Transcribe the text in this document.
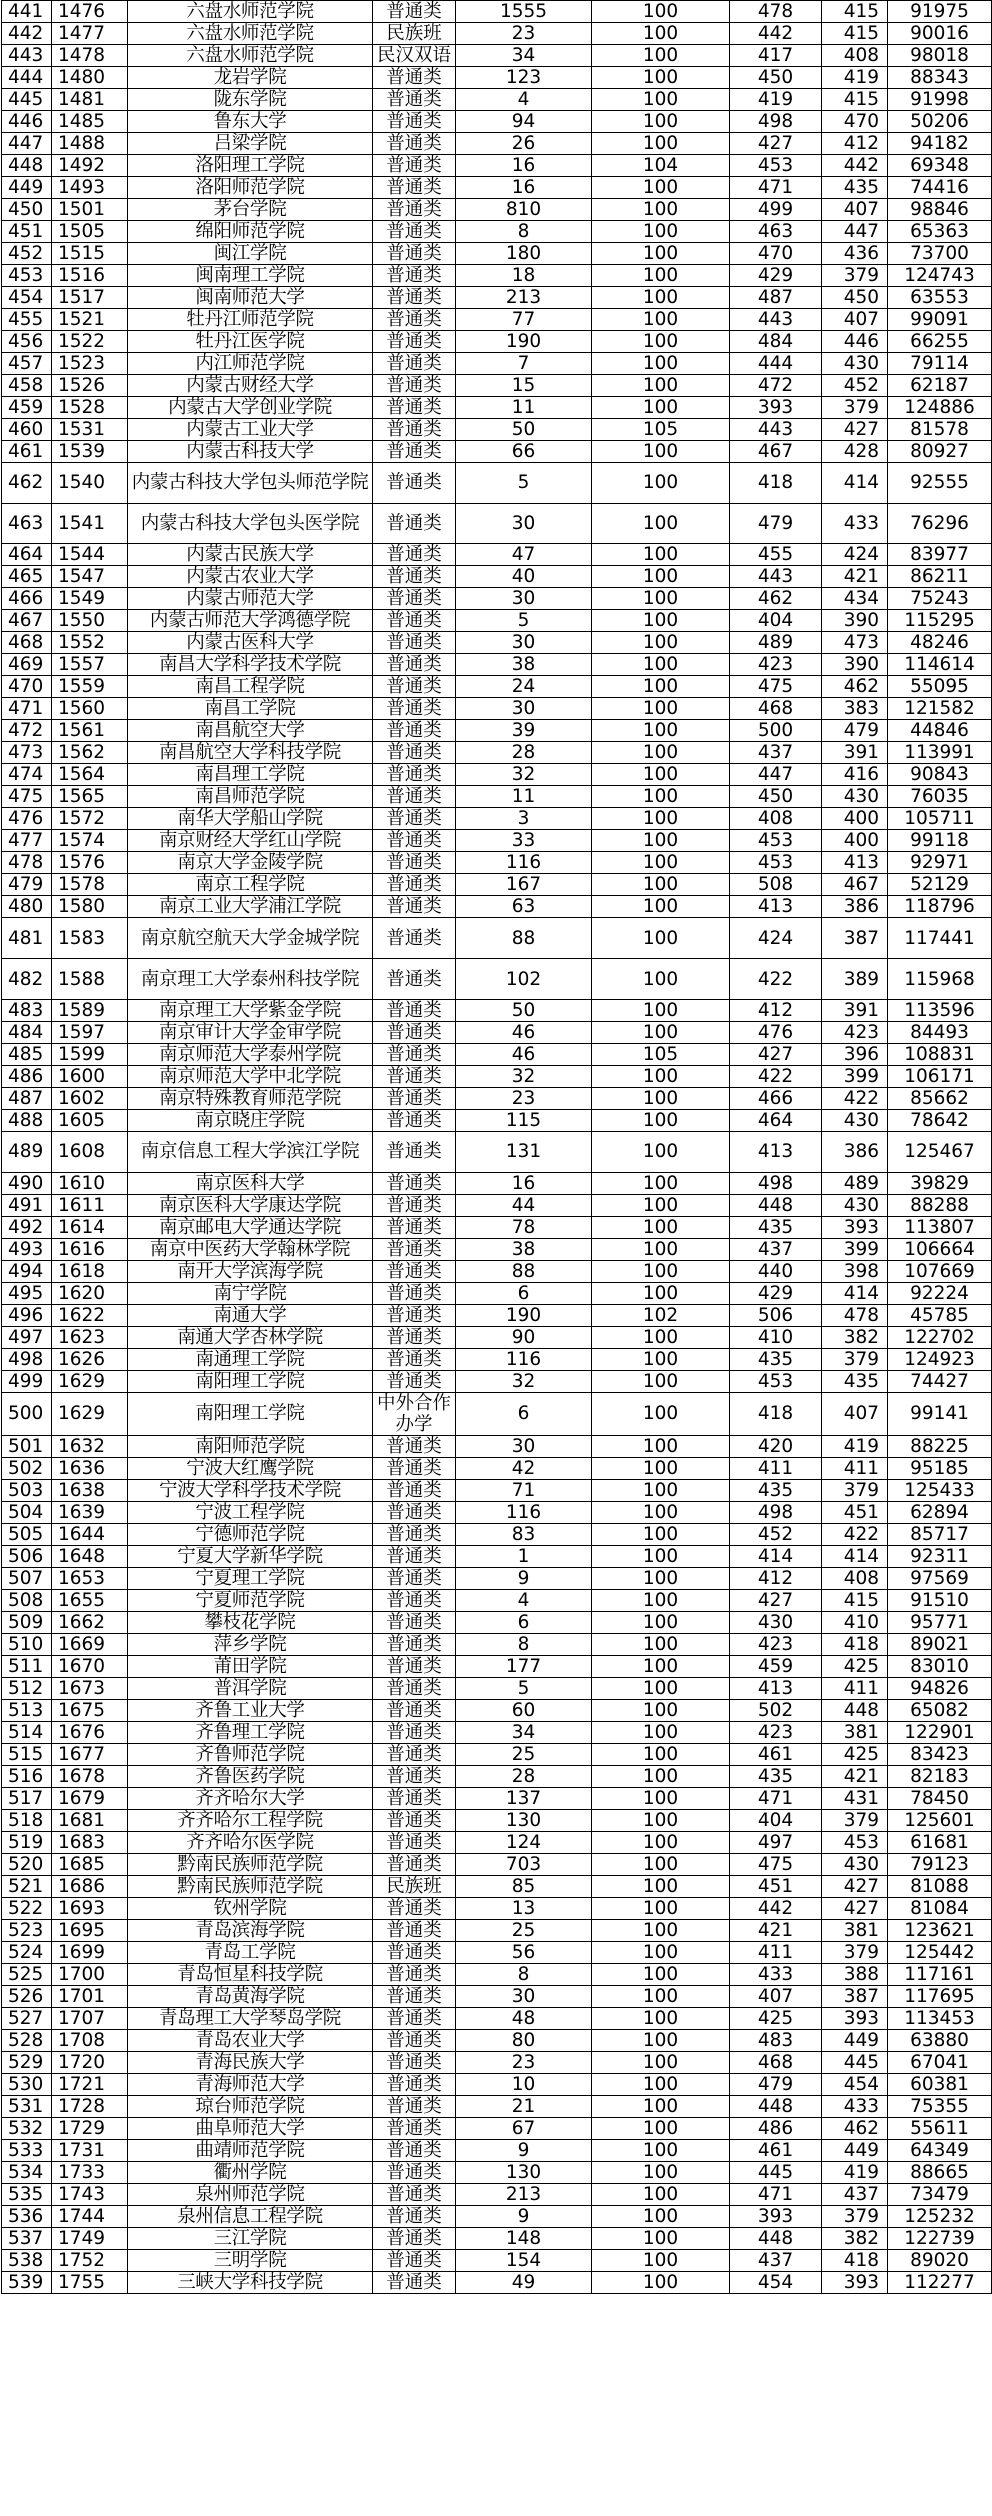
441	1476	六盘水师范学院	普通类	1555	100	478	415	91975
442	1477	六盘水师范学院	民族班	23	100	442	415	90016
443	1478	六盘水师范学院	民汉双语	34	100	417	408	98018
444	1480	龙岩学院	普通类	123	100	450	419	88343
445	1481	陇东学院	普通类	4	100	419	415	91998
446	1485	鲁东大学	普通类	94	100	498	470	50206
447	1488	吕梁学院	普通类	26	100	427	412	94182
448	1492	洛阳理工学院	普通类	16	104	453	442	69348
449	1493	洛阳师范学院	普通类	16	100	471	435	74416
450	1501	茅台学院	普通类	810	100	499	407	98846
451	1505	绵阳师范学院	普通类	8	100	463	447	65363
452	1515	闽江学院	普通类	180	100	470	436	73700
453	1516	闽南理工学院	普通类	18	100	429	379	124743
454	1517	闽南师范大学	普通类	213	100	487	450	63553
455	1521	牡丹江师范学院	普通类	77	100	443	407	99091
456	1522	牡丹江医学院	普通类	190	100	484	446	66255
457	1523	内江师范学院	普通类	7	100	444	430	79114
458	1526	内蒙古财经大学	普通类	15	100	472	452	62187
459	1528	内蒙古大学创业学院	普通类	11	100	393	379	124886
460	1531	内蒙古工业大学	普通类	50	105	443	427	81578
461	1539	内蒙古科技大学	普通类	66	100	467	428	80927
462	1540	内蒙古科技大学包头师范学院	普通类	5	100	418	414	92555
463	1541	内蒙古科技大学包头医学院	普通类	30	100	479	433	76296
464	1544	内蒙古民族大学	普通类	47	100	455	424	83977
465	1547	内蒙古农业大学	普通类	40	100	443	421	86211
466	1549	内蒙古师范大学	普通类	30	100	462	434	75243
467	1550	内蒙古师范大学鸿德学院	普通类	5	100	404	390	115295
468	1552	内蒙古医科大学	普通类	30	100	489	473	48246
469	1557	南昌大学科学技术学院	普通类	38	100	423	390	114614
470	1559	南昌工程学院	普通类	24	100	475	462	55095
471	1560	南昌工学院	普通类	30	100	468	383	121582
472	1561	南昌航空大学	普通类	39	100	500	479	44846
473	1562	南昌航空大学科技学院	普通类	28	100	437	391	113991
474	1564	南昌理工学院	普通类	32	100	447	416	90843
475	1565	南昌师范学院	普通类	11	100	450	430	76035
476	1572	南华大学船山学院	普通类	3	100	408	400	105711
477	1574	南京财经大学红山学院	普通类	33	100	453	400	99118
478	1576	南京大学金陵学院	普通类	116	100	453	413	92971
479	1578	南京工程学院	普通类	167	100	508	467	52129
480	1580	南京工业大学浦江学院	普通类	63	100	413	386	118796
481	1583	南京航空航天大学金城学院	普通类	88	100	424	387	117441
482	1588	南京理工大学泰州科技学院	普通类	102	100	422	389	115968
483	1589	南京理工大学紫金学院	普通类	50	100	412	391	113596
484	1597	南京审计大学金审学院	普通类	46	100	476	423	84493
485	1599	南京师范大学泰州学院	普通类	46	105	427	396	108831
486	1600	南京师范大学中北学院	普通类	32	100	422	399	106171
487	1602	南京特殊教育师范学院	普通类	23	100	466	422	85662
488	1605	南京晓庄学院	普通类	115	100	464	430	78642
489	1608	南京信息工程大学滨江学院	普通类	131	100	413	386	125467
490	1610	南京医科大学	普通类	16	100	498	489	39829
491	1611	南京医科大学康达学院	普通类	44	100	448	430	88288
492	1614	南京邮电大学通达学院	普通类	78	100	435	393	113807
493	1616	南京中医药大学翰林学院	普通类	38	100	437	399	106664
494	1618	南开大学滨海学院	普通类	88	100	440	398	107669
495	1620	南宁学院	普通类	6	100	429	414	92224
496	1622	南通大学	普通类	190	102	506	478	45785
497	1623	南通大学杏林学院	普通类	90	100	410	382	122702
498	1626	南通理工学院	普通类	116	100	435	379	124923
499	1629	南阳理工学院	普通类	32	100	453	435	74427
500	1629	南阳理工学院	中外合作办学	6	100	418	407	99141
501	1632	南阳师范学院	普通类	30	100	420	419	88225
502	1636	宁波大红鹰学院	普通类	42	100	411	411	95185
503	1638	宁波大学科学技术学院	普通类	71	100	435	379	125433
504	1639	宁波工程学院	普通类	116	100	498	451	62894
505	1644	宁德师范学院	普通类	83	100	452	422	85717
506	1648	宁夏大学新华学院	普通类	1	100	414	414	92311
507	1653	宁夏理工学院	普通类	9	100	412	408	97569
508	1655	宁夏师范学院	普通类	4	100	427	415	91510
509	1662	攀枝花学院	普通类	6	100	430	410	95771
510	1669	萍乡学院	普通类	8	100	423	418	89021
511	1670	莆田学院	普通类	177	100	459	425	83010
512	1673	普洱学院	普通类	5	100	413	411	94826
513	1675	齐鲁工业大学	普通类	60	100	502	448	65082
514	1676	齐鲁理工学院	普通类	34	100	423	381	122901
515	1677	齐鲁师范学院	普通类	25	100	461	425	83423
516	1678	齐鲁医药学院	普通类	28	100	435	421	82183
517	1679	齐齐哈尔大学	普通类	137	100	471	431	78450
518	1681	齐齐哈尔工程学院	普通类	130	100	404	379	125601
519	1683	齐齐哈尔医学院	普通类	124	100	497	453	61681
520	1685	黔南民族师范学院	普通类	703	100	475	430	79123
521	1686	黔南民族师范学院	民族班	85	100	451	427	81088
522	1693	钦州学院	普通类	13	100	442	427	81084
523	1695	青岛滨海学院	普通类	25	100	421	381	123621
524	1699	青岛工学院	普通类	56	100	411	379	125442
525	1700	青岛恒星科技学院	普通类	8	100	433	388	117161
526	1701	青岛黄海学院	普通类	30	100	407	387	117695
527	1707	青岛理工大学琴岛学院	普通类	48	100	425	393	113453
528	1708	青岛农业大学	普通类	80	100	483	449	63880
529	1720	青海民族大学	普通类	23	100	468	445	67041
530	1721	青海师范大学	普通类	10	100	479	454	60381
531	1728	琼台师范学院	普通类	21	100	448	433	75355
532	1729	曲阜师范大学	普通类	67	100	486	462	55611
533	1731	曲靖师范学院	普通类	9	100	461	449	64349
534	1733	衢州学院	普通类	130	100	445	419	88665
535	1743	泉州师范学院	普通类	213	100	471	437	73479
536	1744	泉州信息工程学院	普通类	9	100	393	379	125232
537	1749	三江学院	普通类	148	100	448	382	122739
538	1752	三明学院	普通类	154	100	437	418	89020
539	1755	三峡大学科技学院	普通类	49	100	454	393	112277
